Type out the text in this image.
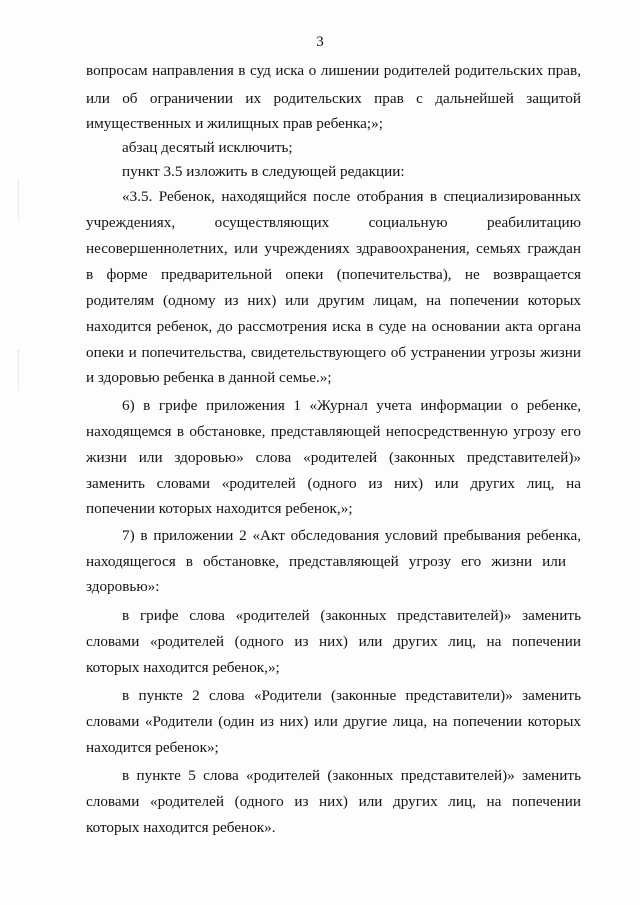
3
вопросам направления в суд иска о лишении родителей родительских прав,
или об ограничении их родительских прав с дальнейшей защитой
имущественных и жилищных прав ребенка;»;
абзац десятый исключить;
пункт 3.5 изложить в следующей редакции:
«3.5. Ребенок, находящийся после отобрания в специализированных
учреждениях, осуществляющих социальную реабилитацию
несовершеннолетних, или учреждениях здравоохранения, семьях граждан
в форме предварительной опеки (попечительства), не возвращается
родителям (одному из них) или другим лицам, на попечении которых
находится ребенок, до рассмотрения иска в суде на основании акта органа
опеки и попечительства, свидетельствующего об устранении угрозы жизни
и здоровью ребенка в данной семье.»;
6) в грифе приложения 1 «Журнал учета информации о ребенке,
находящемся в обстановке, представляющей непосредственную угрозу его
жизни или здоровью» слова «родителей (законных представителей)»
заменить словами «родителей (одного из них) или других лиц, на
попечении которых находится ребенок,»;
7) в приложении 2 «Акт обследования условий пребывания ребенка,
находящегося в обстановке, представляющей угрозу его жизни или
здоровью»:
в грифе слова «родителей (законных представителей)» заменить
словами «родителей (одного из них) или других лиц, на попечении
которых находится ребенок,»;
в пункте 2 слова «Родители (законные представители)» заменить
словами «Родители (один из них) или другие лица, на попечении которых
находится ребенок»;
в пункте 5 слова «родителей (законных представителей)» заменить
словами «родителей (одного из них) или других лиц, на попечении
которых находится ребенок».
